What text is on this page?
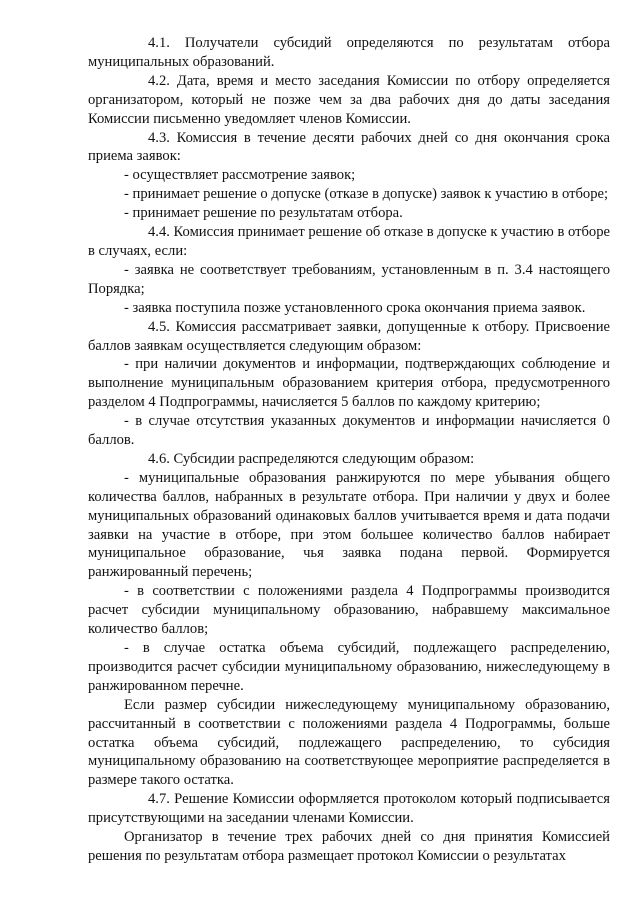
4.1. Получатели субсидий определяются по результатам отбора муниципальных образований.

4.2. Дата, время и место заседания Комиссии по отбору определяется организатором, который не позже чем за два рабочих дня до даты заседания Комиссии письменно уведомляет членов Комиссии.

4.3. Комиссия в течение десяти рабочих дней со дня окончания срока приема заявок:

- осуществляет рассмотрение заявок;

- принимает решение о допуске (отказе в допуске) заявок к участию в отборе;

- принимает решение по результатам отбора.

4.4. Комиссия принимает решение об отказе в допуске к участию в отборе в случаях, если:

- заявка не соответствует требованиям, установленным в п. 3.4 настоящего Порядка;

- заявка поступила позже установленного срока окончания приема заявок.

4.5. Комиссия рассматривает заявки, допущенные к отбору. Присвоение баллов заявкам осуществляется следующим образом:

- при наличии документов и информации, подтверждающих соблюдение и выполнение муниципальным образованием критерия отбора, предусмотренного разделом 4 Подпрограммы, начисляется 5 баллов по каждому критерию;

- в случае отсутствия указанных документов и информации начисляется 0 баллов.

4.6. Субсидии распределяются следующим образом:

- муниципальные образования ранжируются по мере убывания общего количества баллов, набранных в результате отбора. При наличии у двух и более муниципальных образований одинаковых баллов учитывается время и дата подачи заявки на участие в отборе, при этом большее количество баллов набирает муниципальное образование, чья заявка подана первой. Формируется ранжированный перечень;

- в соответствии с положениями раздела 4 Подпрограммы производится расчет субсидии муниципальному образованию, набравшему максимальное количество баллов;

- в случае остатка объема субсидий, подлежащего распределению, производится расчет субсидии муниципальному образованию, нижеследующему в ранжированном перечне.

Если размер субсидии нижеследующему муниципальному образованию, рассчитанный в соответствии с положениями раздела 4 Подрограммы, больше остатка объема субсидий, подлежащего распределению, то субсидия муниципальному образованию на соответствующее мероприятие распределяется в размере такого остатка.

4.7. Решение Комиссии оформляется протоколом который подписывается присутствующими на заседании членами Комиссии.

Организатор в течение трех рабочих дней со дня принятия Комиссией решения по результатам отбора размещает протокол Комиссии о результатах
